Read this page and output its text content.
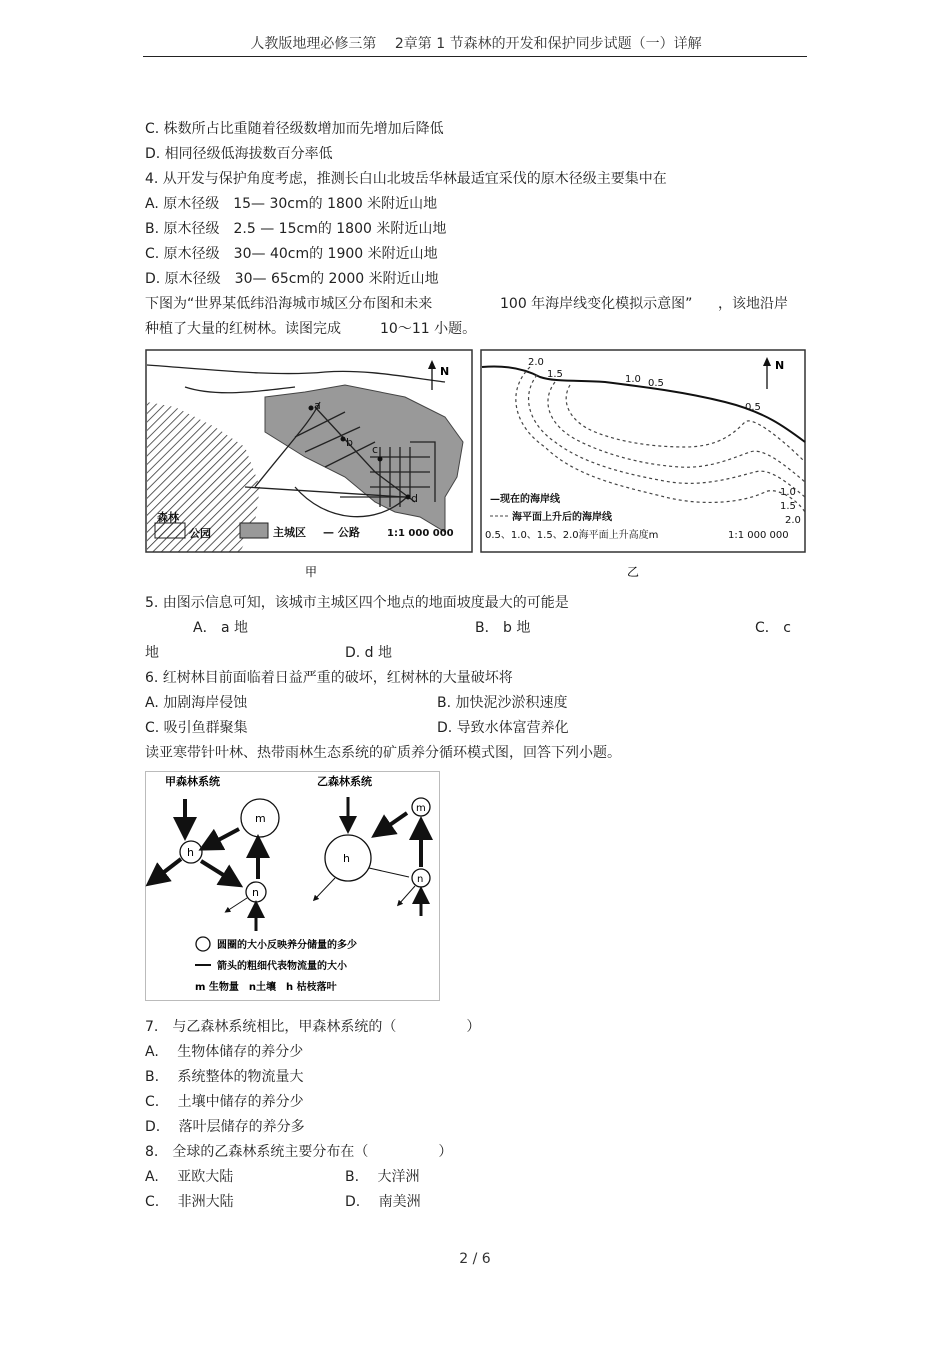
人教版地理必修三第　 2章第 1 节森林的开发和保护同步试题（一）详解
C. 株数所占比重随着径级数增加而先增加后降低
D. 相同径级低海拔数百分率低
4. 从开发与保护角度考虑，推测长白山北坡岳华林最适宜采伐的原木径级主要集中在
A. 原木径级　15— 30cm的 1800 米附近山地
B. 原木径级　2.5 — 15cm的 1800 米附近山地
C. 原木径级　30— 40cm的 1900 米附近山地
D. 原木径级　30— 65cm的 2000 米附近山地
下图为“世界某低纬沿海城市城区分布图和未来	100 年海岸线变化模拟示意图” ，该地沿岸
种植了大量的红树林。读图完成	10～11 小题。
a
b
c
d
N
森林
公园	主城区 — 公路	1:1 000 000
甲
2.0
1.5	1.0 0.5
0.5
1.0
1.5
2.0
N
—现在的海岸线
海平面上升后的海岸线
0.5、1.0、1.5、2.0海平面上升高度m	1:1 000 000
乙
5. 由图示信息可知，该城市主城区四个地点的地面坡度最大的可能是
A． a 地	B． b 地	C． c
地	D. d 地
6. 红树林目前面临着日益严重的破坏，红树林的大量破坏将
A. 加剧海岸侵蚀	B. 加快泥沙淤积速度
C. 吸引鱼群聚集	D. 导致水体富营养化
读亚寒带针叶林、热带雨林生态系统的矿质养分循环模式图，回答下列小题。
甲森林系统	乙森林系统
m
h
n
m
h
n
圆圈的大小反映养分储量的多少
箭头的粗细代表物流量的大小
m 生物量　n土壤　h 枯枝落叶
7.　与乙森林系统相比，甲森林系统的（　　　　　）
A.　 生物体储存的养分少
B.　 系统整体的物流量大
C.　 土壤中储存的养分少
D.　 落叶层储存的养分多
8.　全球的乙森林系统主要分布在（　　　　　）
A.　 亚欧大陆	B.　 大洋洲
C.　 非洲大陆	D.　 南美洲
2 / 6
